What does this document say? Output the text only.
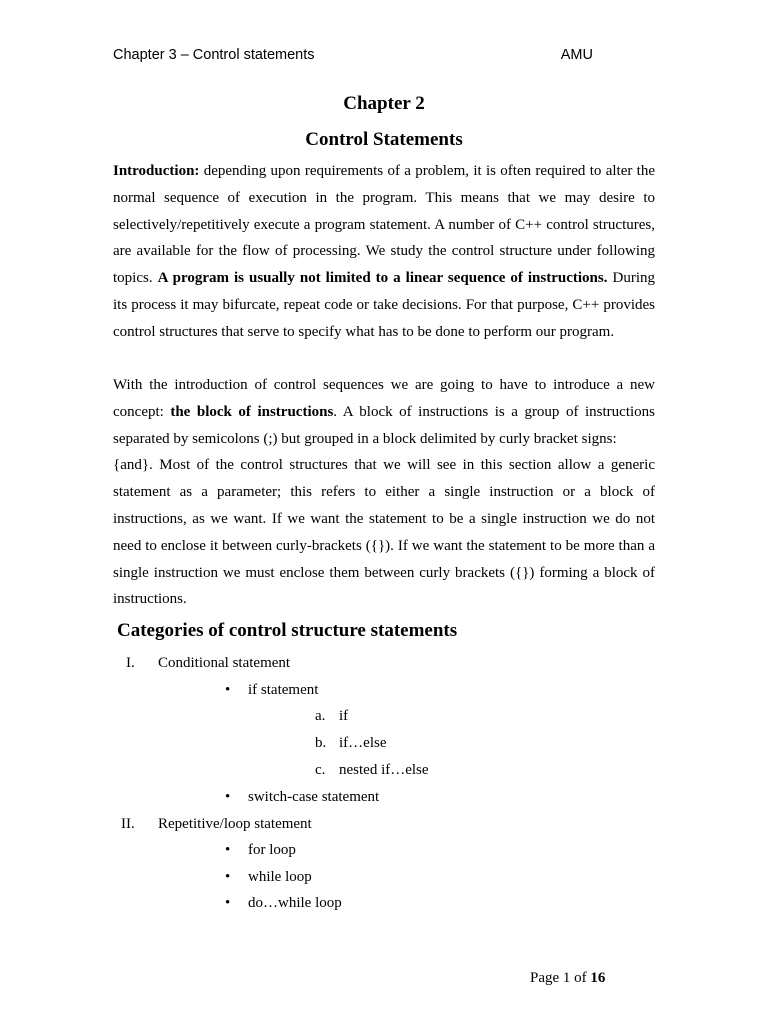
Chapter 3 – Control statements	AMU
Chapter 2
Control Statements
Introduction: depending upon requirements of a problem, it is often required to alter the
normal sequence of execution in the program. This means that we may desire to
selectively/repetitively execute a program statement. A number of C++ control structures,
are available for the flow of processing. We study the control structure under following
topics. A program is usually not limited to a linear sequence of instructions. During
its process it may bifurcate, repeat code or take decisions. For that purpose, C++ provides
control structures that serve to specify what has to be done to perform our program.
With the introduction of control sequences we are going to have to introduce a new
concept: the block of instructions. A block of instructions is a group of instructions
separated by semicolons (;) but grouped in a block delimited by curly bracket signs:
{and}. Most of the control structures that we will see in this section allow a generic
statement as a parameter; this refers to either a single instruction or a block of
instructions, as we want. If we want the statement to be a single instruction we do not
need to enclose it between curly-brackets ({}). If we want the statement to be more than a
single instruction we must enclose them between curly brackets ({}) forming a block of
instructions.
Categories of control structure statements
I. Conditional statement
• if statement
a. if
b. if…else
c. nested if…else
• switch-case statement
II. Repetitive/loop statement
• for loop
• while loop
• do…while loop
Page 1 of 16
